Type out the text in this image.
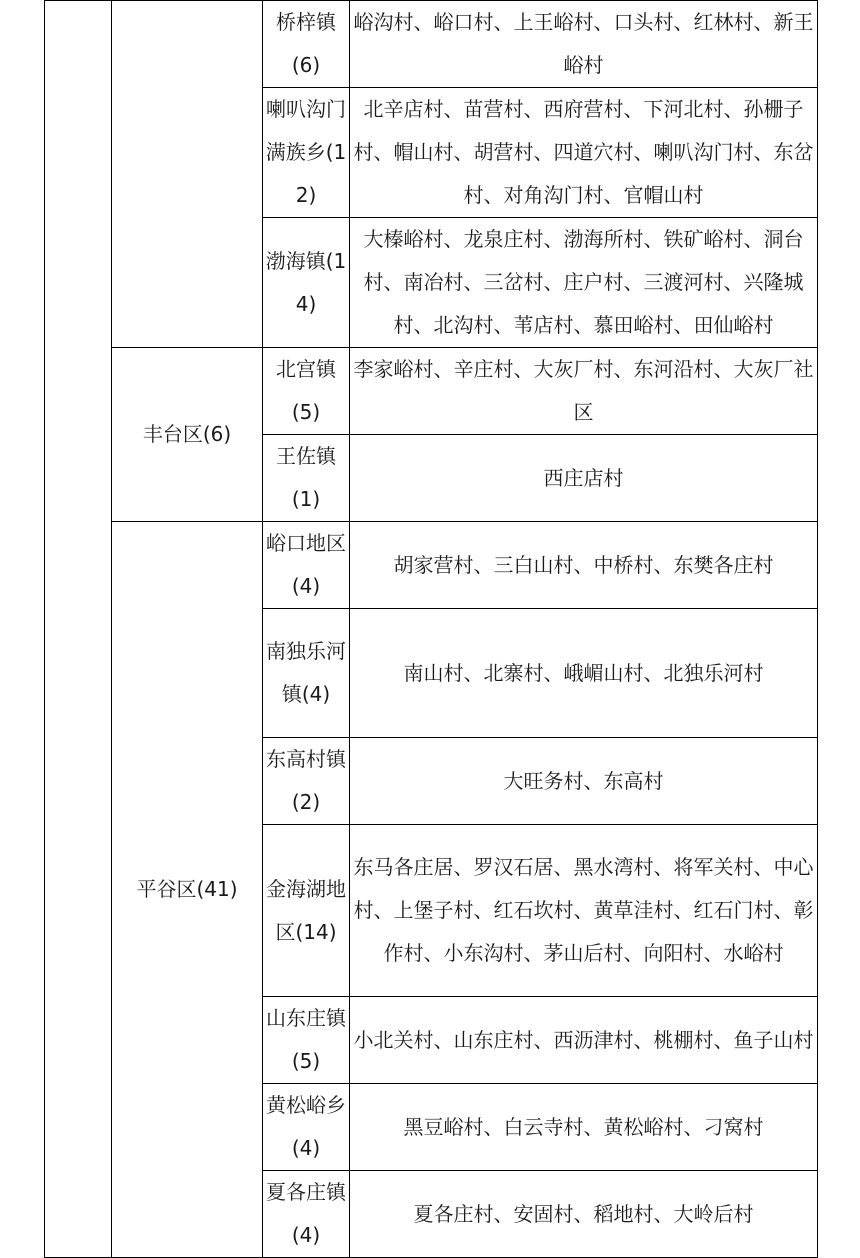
		桥梓镇(6)	峪沟村、峪口村、上王峪村、口头村、红林村、新王峪村
		喇叭沟门满族乡(12)	北辛店村、苗营村、西府营村、下河北村、孙栅子村、帽山村、胡营村、四道穴村、喇叭沟门村、东岔村、对角沟门村、官帽山村
		渤海镇(14)	大榛峪村、龙泉庄村、渤海所村、铁矿峪村、洞台村、南冶村、三岔村、庄户村、三渡河村、兴隆城村、北沟村、苇店村、慕田峪村、田仙峪村
	丰台区(6)	北宫镇(5)	李家峪村、辛庄村、大灰厂村、东河沿村、大灰厂社区
		王佐镇(1)	西庄店村
	平谷区(41)	峪口地区(4)	胡家营村、三白山村、中桥村、东樊各庄村
		南独乐河镇(4)	南山村、北寨村、峨嵋山村、北独乐河村
		东高村镇(2)	大旺务村、东高村
		金海湖地区(14)	东马各庄居、罗汉石居、黑水湾村、将军关村、中心村、上堡子村、红石坎村、黄草洼村、红石门村、彰作村、小东沟村、茅山后村、向阳村、水峪村
		山东庄镇(5)	小北关村、山东庄村、西沥津村、桃棚村、鱼子山村
		黄松峪乡(4)	黑豆峪村、白云寺村、黄松峪村、刁窝村
		夏各庄镇(4)	夏各庄村、安固村、稻地村、大岭后村
